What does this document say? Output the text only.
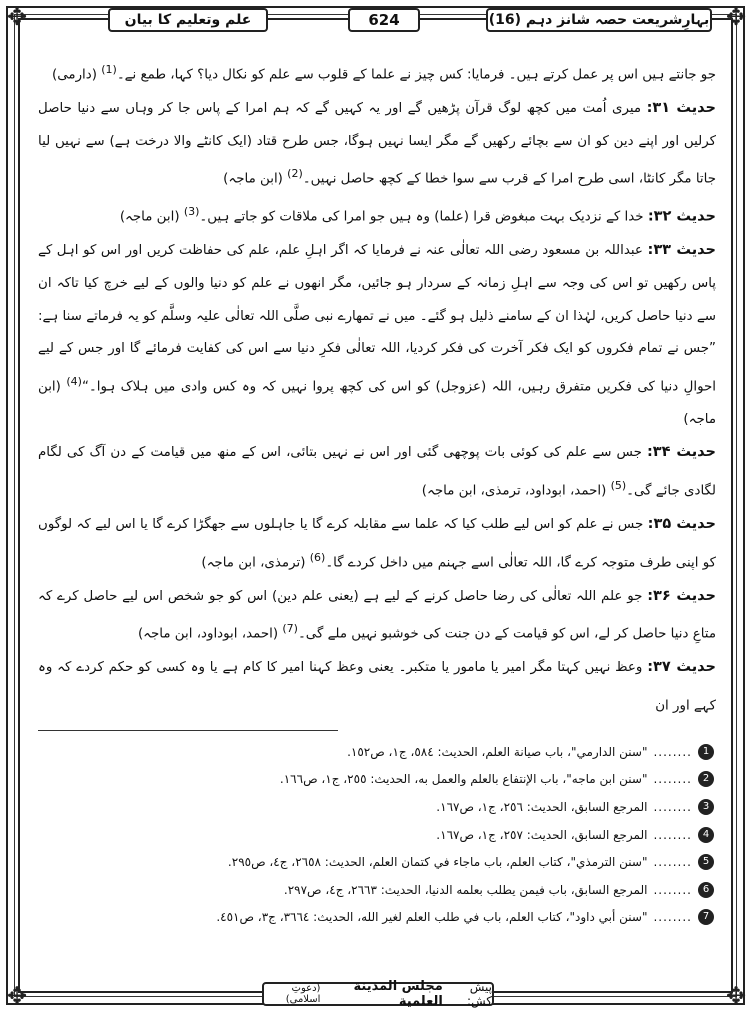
✥	✥
✥	✥
بہارِشریعت حصہ شانز دہم (16)
624
علم وتعلیم کا بیان

جو جانتے ہیں اس پر عمل کرتے ہیں۔ فرمایا: کس چیز نے علما کے قلوب سے علم کو نکال دیا؟ کہا، طمع نے۔$^{(1)}$ (دارمی)

حدیث ۳۱: میری اُمت میں کچھ لوگ قرآن پڑھیں گے اور یہ کہیں گے کہ ہم امرا کے پاس جا کر وہاں سے دنیا حاصل کرلیں اور اپنے دین کو ان سے بچائے رکھیں گے مگر ایسا نہیں ہوگا، جس طرح قتاد (ایک کانٹے والا درخت ہے) سے نہیں لیا جاتا مگر کانٹا، اسی طرح امرا کے قرب سے سوا خطا کے کچھ حاصل نہیں۔$^{(2)}$ (ابن ماجہ)

حدیث ۳۲: خدا کے نزدیک بہت مبغوض قرا (علما) وہ ہیں جو امرا کی ملاقات کو جاتے ہیں۔$^{(3)}$ (ابن ماجہ)

حدیث ۳۳: عبداللہ بن مسعود رضی اللہ تعالٰی عنہ نے فرمایا کہ اگر اہلِ علم، علم کی حفاظت کریں اور اس کو اہل کے پاس رکھیں تو اس کی وجہ سے اہلِ زمانہ کے سردار ہو جائیں، مگر انھوں نے علم کو دنیا والوں کے لیے خرچ کیا تاکہ ان سے دنیا حاصل کریں، لہٰذا ان کے سامنے ذلیل ہو گئے۔ میں نے تمھارے نبی صلَّی اللہ تعالٰی علیہ وسلَّم کو یہ فرماتے سنا ہے: ”جس نے تمام فکروں کو ایک فکر آخرت کی فکر کردیا، اللہ تعالٰی فکرِ دنیا سے اس کی کفایت فرمائے گا اور جس کے لیے احوالِ دنیا کی فکریں متفرق رہیں، اللہ (عزوجل) کو اس کی کچھ پروا نہیں کہ وہ کس وادی میں ہلاک ہوا۔“$^{(4)}$ (ابن ماجہ)

حدیث ۳۴: جس سے علم کی کوئی بات پوچھی گئی اور اس نے نہیں بتائی، اس کے منھ میں قیامت کے دن آگ کی لگام لگادی جائے گی۔$^{(5)}$ (احمد، ابوداود، ترمذی، ابن ماجہ)

حدیث ۳۵: جس نے علم کو اس لیے طلب کیا کہ علما سے مقابلہ کرے گا یا جاہلوں سے جھگڑا کرے گا یا اس لیے کہ لوگوں کو اپنی طرف متوجہ کرے گا، اللہ تعالٰی اسے جہنم میں داخل کردے گا۔$^{(6)}$ (ترمذی، ابن ماجہ)

حدیث ۳۶: جو علم اللہ تعالٰی کی رضا حاصل کرنے کے لیے ہے (یعنی علم دین) اس کو جو شخص اس لیے حاصل کرے کہ متاعِ دنیا حاصل کر لے، اس کو قیامت کے دن جنت کی خوشبو نہیں ملے گی۔$^{(7)}$ (احمد، ابوداود، ابن ماجہ)

حدیث ۳۷: وعظ نہیں کہتا مگر امیر یا مامور یا متکبر۔ یعنی وعظ کہنا امیر کا کام ہے یا وہ کسی کو حکم کردے کہ وہ کہے اور ان

1
........
"سنن الدارمي"، باب صيانة العلم، الحديث: ٥٨٤، ج١، ص١٥٢.
2
........
"سنن ابن ماجه"، باب الإنتفاع بالعلم والعمل به، الحديث: ٢٥٥، ج١، ص١٦٦.
3
........
المرجع السابق، الحديث: ٢٥٦، ج١، ص١٦٧.
4
........
المرجع السابق، الحديث: ٢٥٧، ج١، ص١٦٧.
5
........
"سنن الترمذي"، كتاب العلم، باب ماجاء في كتمان العلم، الحديث: ٢٦٥٨، ج٤، ص٢٩٥.
6
........
المرجع السابق، باب فيمن يطلب بعلمه الدنيا، الحديث: ٢٦٦٣، ج٤، ص٢٩٧.
7
........
"سنن أبي داود"، كتاب العلم، باب في طلب العلم لغير الله، الحديث: ٣٦٦٤، ج٣، ص٤٥١.
پیش کش:
مجلس المدينة العلمية
(دعوتِ اسلامی)
